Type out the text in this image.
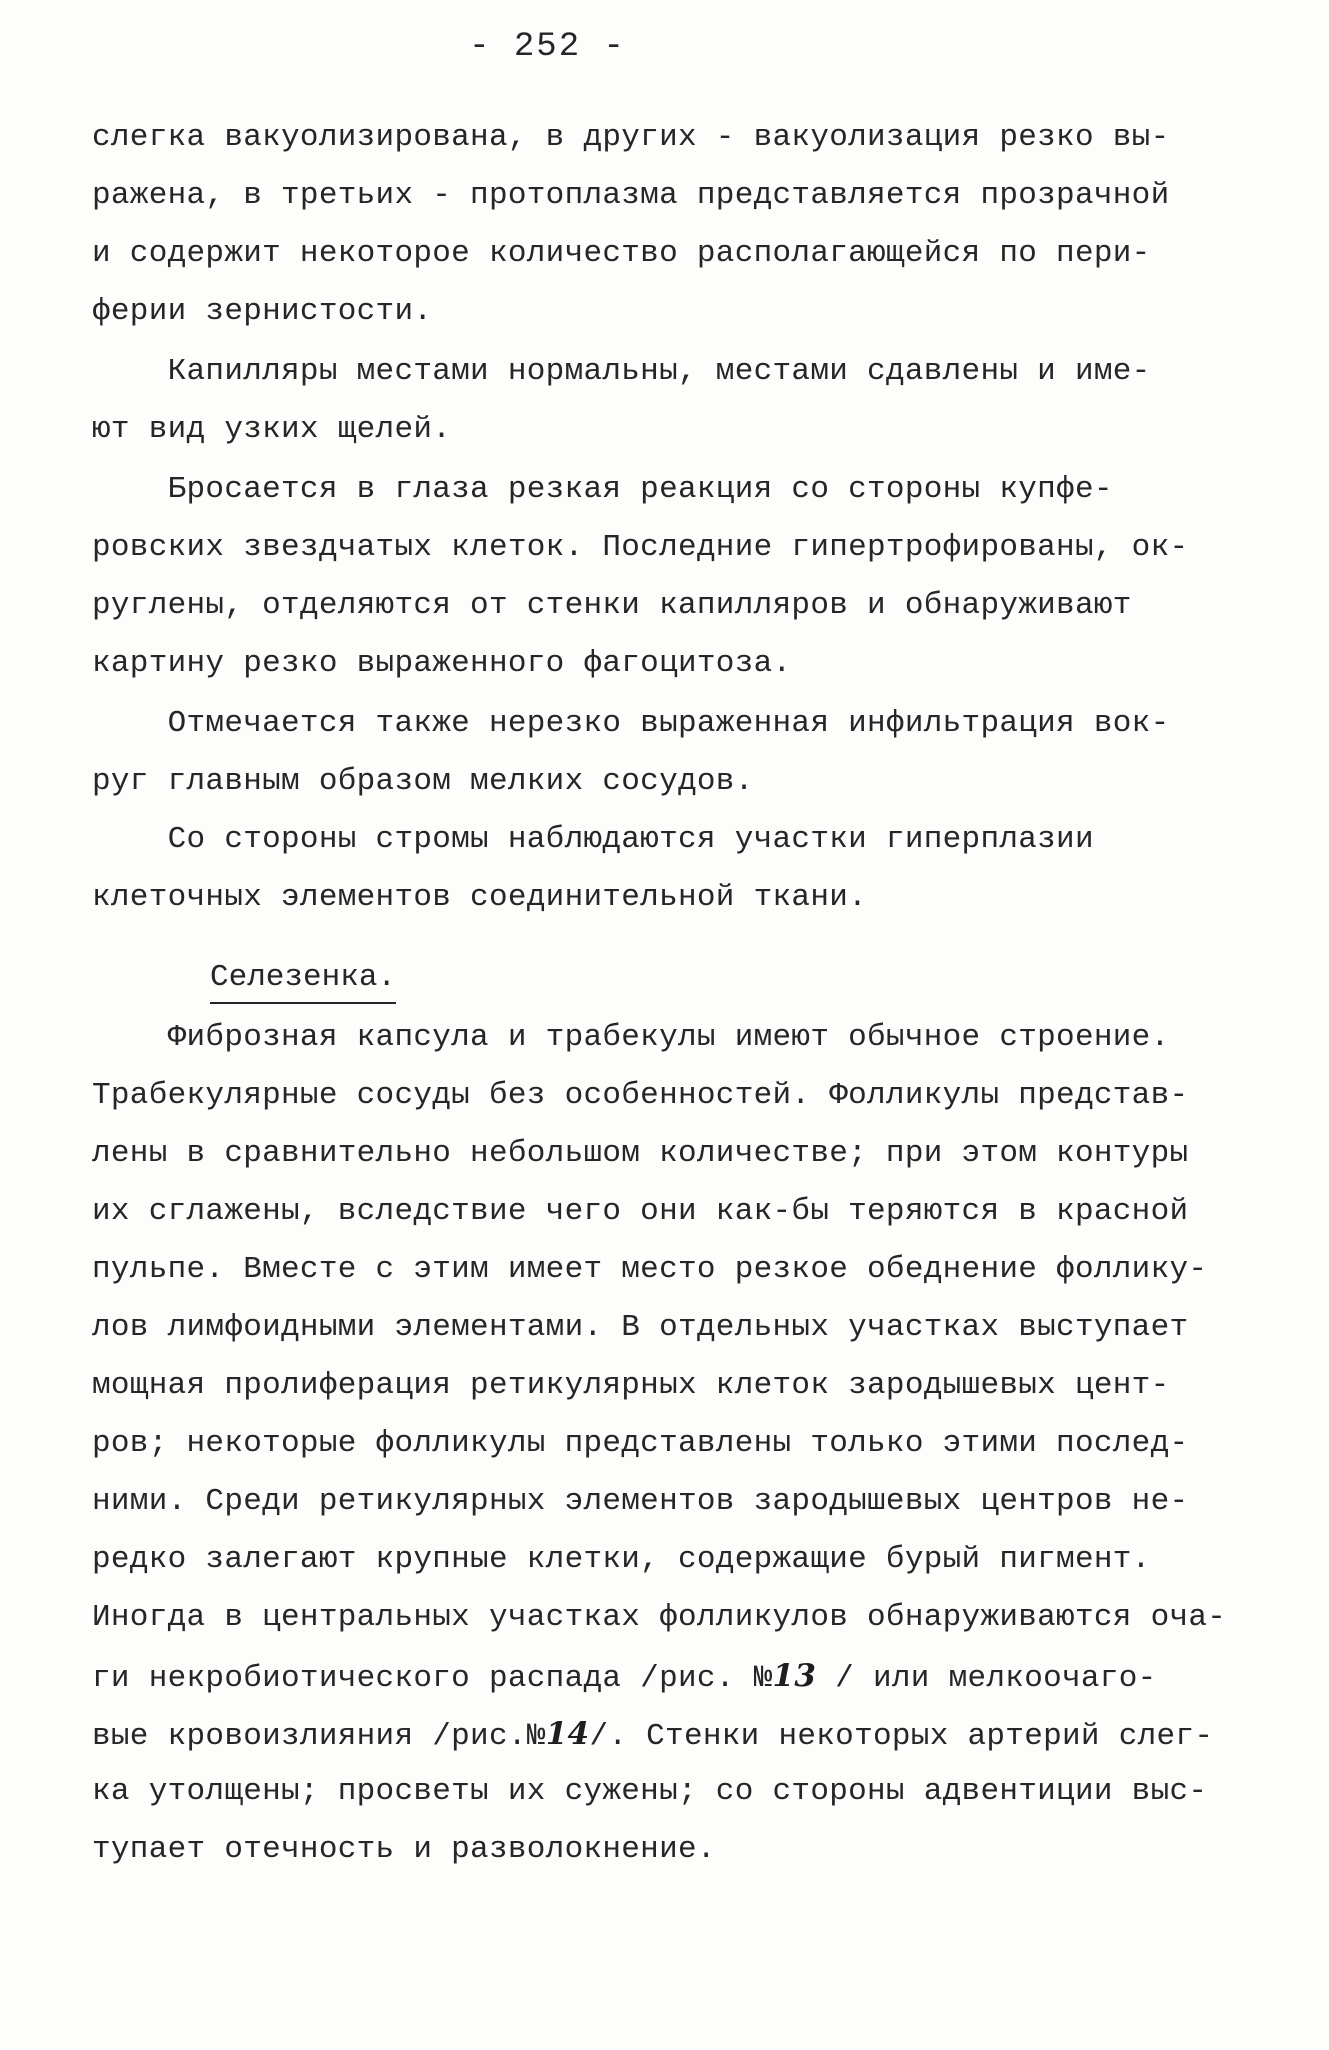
- 252 -
слегка вакуолизирована, в других - вакуолизация резко вы-
ражена, в третьих - протоплазма представляется прозрачной
и содержит некоторое количество располагающейся по пери-
ферии зернистости.
Капилляры местами нормальны, местами сдавлены и име-
ют вид узких щелей.
Бросается в глаза резкая реакция со стороны купфе-
ровских звездчатых клеток. Последние гипертрофированы, ок-
руглены, отделяются от стенки капилляров и обнаруживают
картину резко выраженного фагоцитоза.
Отмечается также нерезко выраженная инфильтрация вок-
руг главным образом мелких сосудов.
Со стороны стромы наблюдаются участки гиперплазии
клеточных элементов соединительной ткани.
Селезенка.
Фиброзная капсула и трабекулы имеют обычное строение.
Трабекулярные сосуды без особенностей. Фолликулы представ-
лены в сравнительно небольшом количестве; при этом контуры
их сглажены, вследствие чего они как-бы теряются в красной
пульпе. Вместе с этим имеет место резкое обеднение фоллику-
лов лимфоидными элементами. В отдельных участках выступает
мощная пролиферация ретикулярных клеток зародышевых цент-
ров; некоторые фолликулы представлены только этими послед-
ними. Среди ретикулярных элементов зародышевых центров не-
редко залегают крупные клетки, содержащие бурый пигмент.
Иногда в центральных участках фолликулов обнаруживаются оча-
ги некробиотического распада /рис. №13 / или мелкоочаго-
вые кровоизлияния /рис.№14/. Стенки некоторых артерий слег-
ка утолщены; просветы их сужены; со стороны адвентиции выс-
тупает отечность и разволокнение.
